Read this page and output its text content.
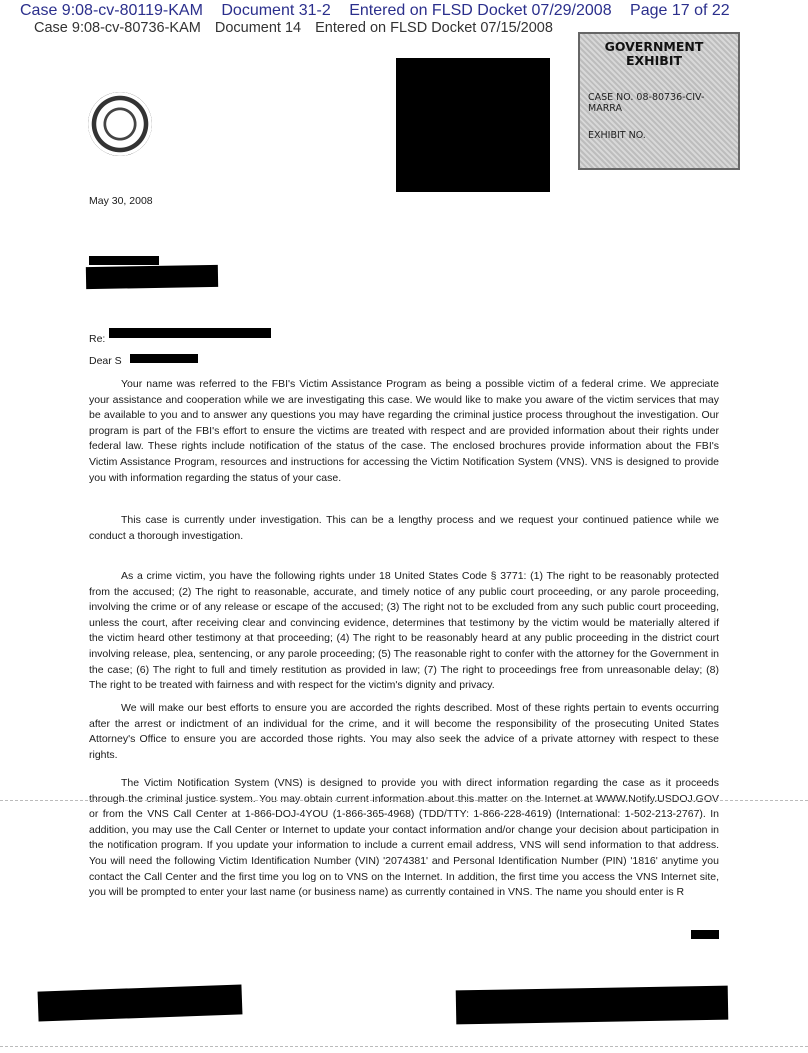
Case 9:08-cv-80119-KAM Document 31-2 Entered on FLSD Docket 07/29/2008 Page 17 of 22
Case 9:08-cv-80736-KAM Document 14 Entered on FLSD Docket 07/15/2008
GOVERNMENT EXHIBIT
CASE NO. 08-80736-CIV-MARRA
EXHIBIT NO.
May 30, 2008
Re:
Dear S

Your name was referred to the FBI's Victim Assistance Program as being a possible victim of a federal crime. We appreciate your assistance and cooperation while we are investigating this case. We would like to make you aware of the victim services that may be available to you and to answer any questions you may have regarding the criminal justice process throughout the investigation. Our program is part of the FBI's effort to ensure the victims are treated with respect and are provided information about their rights under federal law. These rights include notification of the status of the case. The enclosed brochures provide information about the FBI's Victim Assistance Program, resources and instructions for accessing the Victim Notification System (VNS). VNS is designed to provide you with information regarding the status of your case.

This case is currently under investigation. This can be a lengthy process and we request your continued patience while we conduct a thorough investigation.

As a crime victim, you have the following rights under 18 United States Code § 3771: (1) The right to be reasonably protected from the accused; (2) The right to reasonable, accurate, and timely notice of any public court proceeding, or any parole proceeding, involving the crime or of any release or escape of the accused; (3) The right not to be excluded from any such public court proceeding, unless the court, after receiving clear and convincing evidence, determines that testimony by the victim would be materially altered if the victim heard other testimony at that proceeding; (4) The right to be reasonably heard at any public proceeding in the district court involving release, plea, sentencing, or any parole proceeding; (5) The reasonable right to confer with the attorney for the Government in the case; (6) The right to full and timely restitution as provided in law; (7) The right to proceedings free from unreasonable delay; (8) The right to be treated with fairness and with respect for the victim's dignity and privacy.

We will make our best efforts to ensure you are accorded the rights described. Most of these rights pertain to events occurring after the arrest or indictment of an individual for the crime, and it will become the responsibility of the prosecuting United States Attorney's Office to ensure you are accorded those rights. You may also seek the advice of a private attorney with respect to these rights.

The Victim Notification System (VNS) is designed to provide you with direct information regarding the case as it proceeds through the criminal justice system. You may obtain current information about this matter on the Internet at WWW.Notify.USDOJ.GOV or from the VNS Call Center at 1-866-DOJ-4YOU (1-866-365-4968) (TDD/TTY: 1-866-228-4619) (International: 1-502-213-2767). In addition, you may use the Call Center or Internet to update your contact information and/or change your decision about participation in the notification program. If you update your information to include a current email address, VNS will send information to that address. You will need the following Victim Identification Number (VIN) '2074381' and Personal Identification Number (PIN) '1816' anytime you contact the Call Center and the first time you log on to VNS on the Internet. In addition, the first time you access the VNS Internet site, you will be prompted to enter your last name (or business name) as currently contained in VNS. The name you should enter is R
